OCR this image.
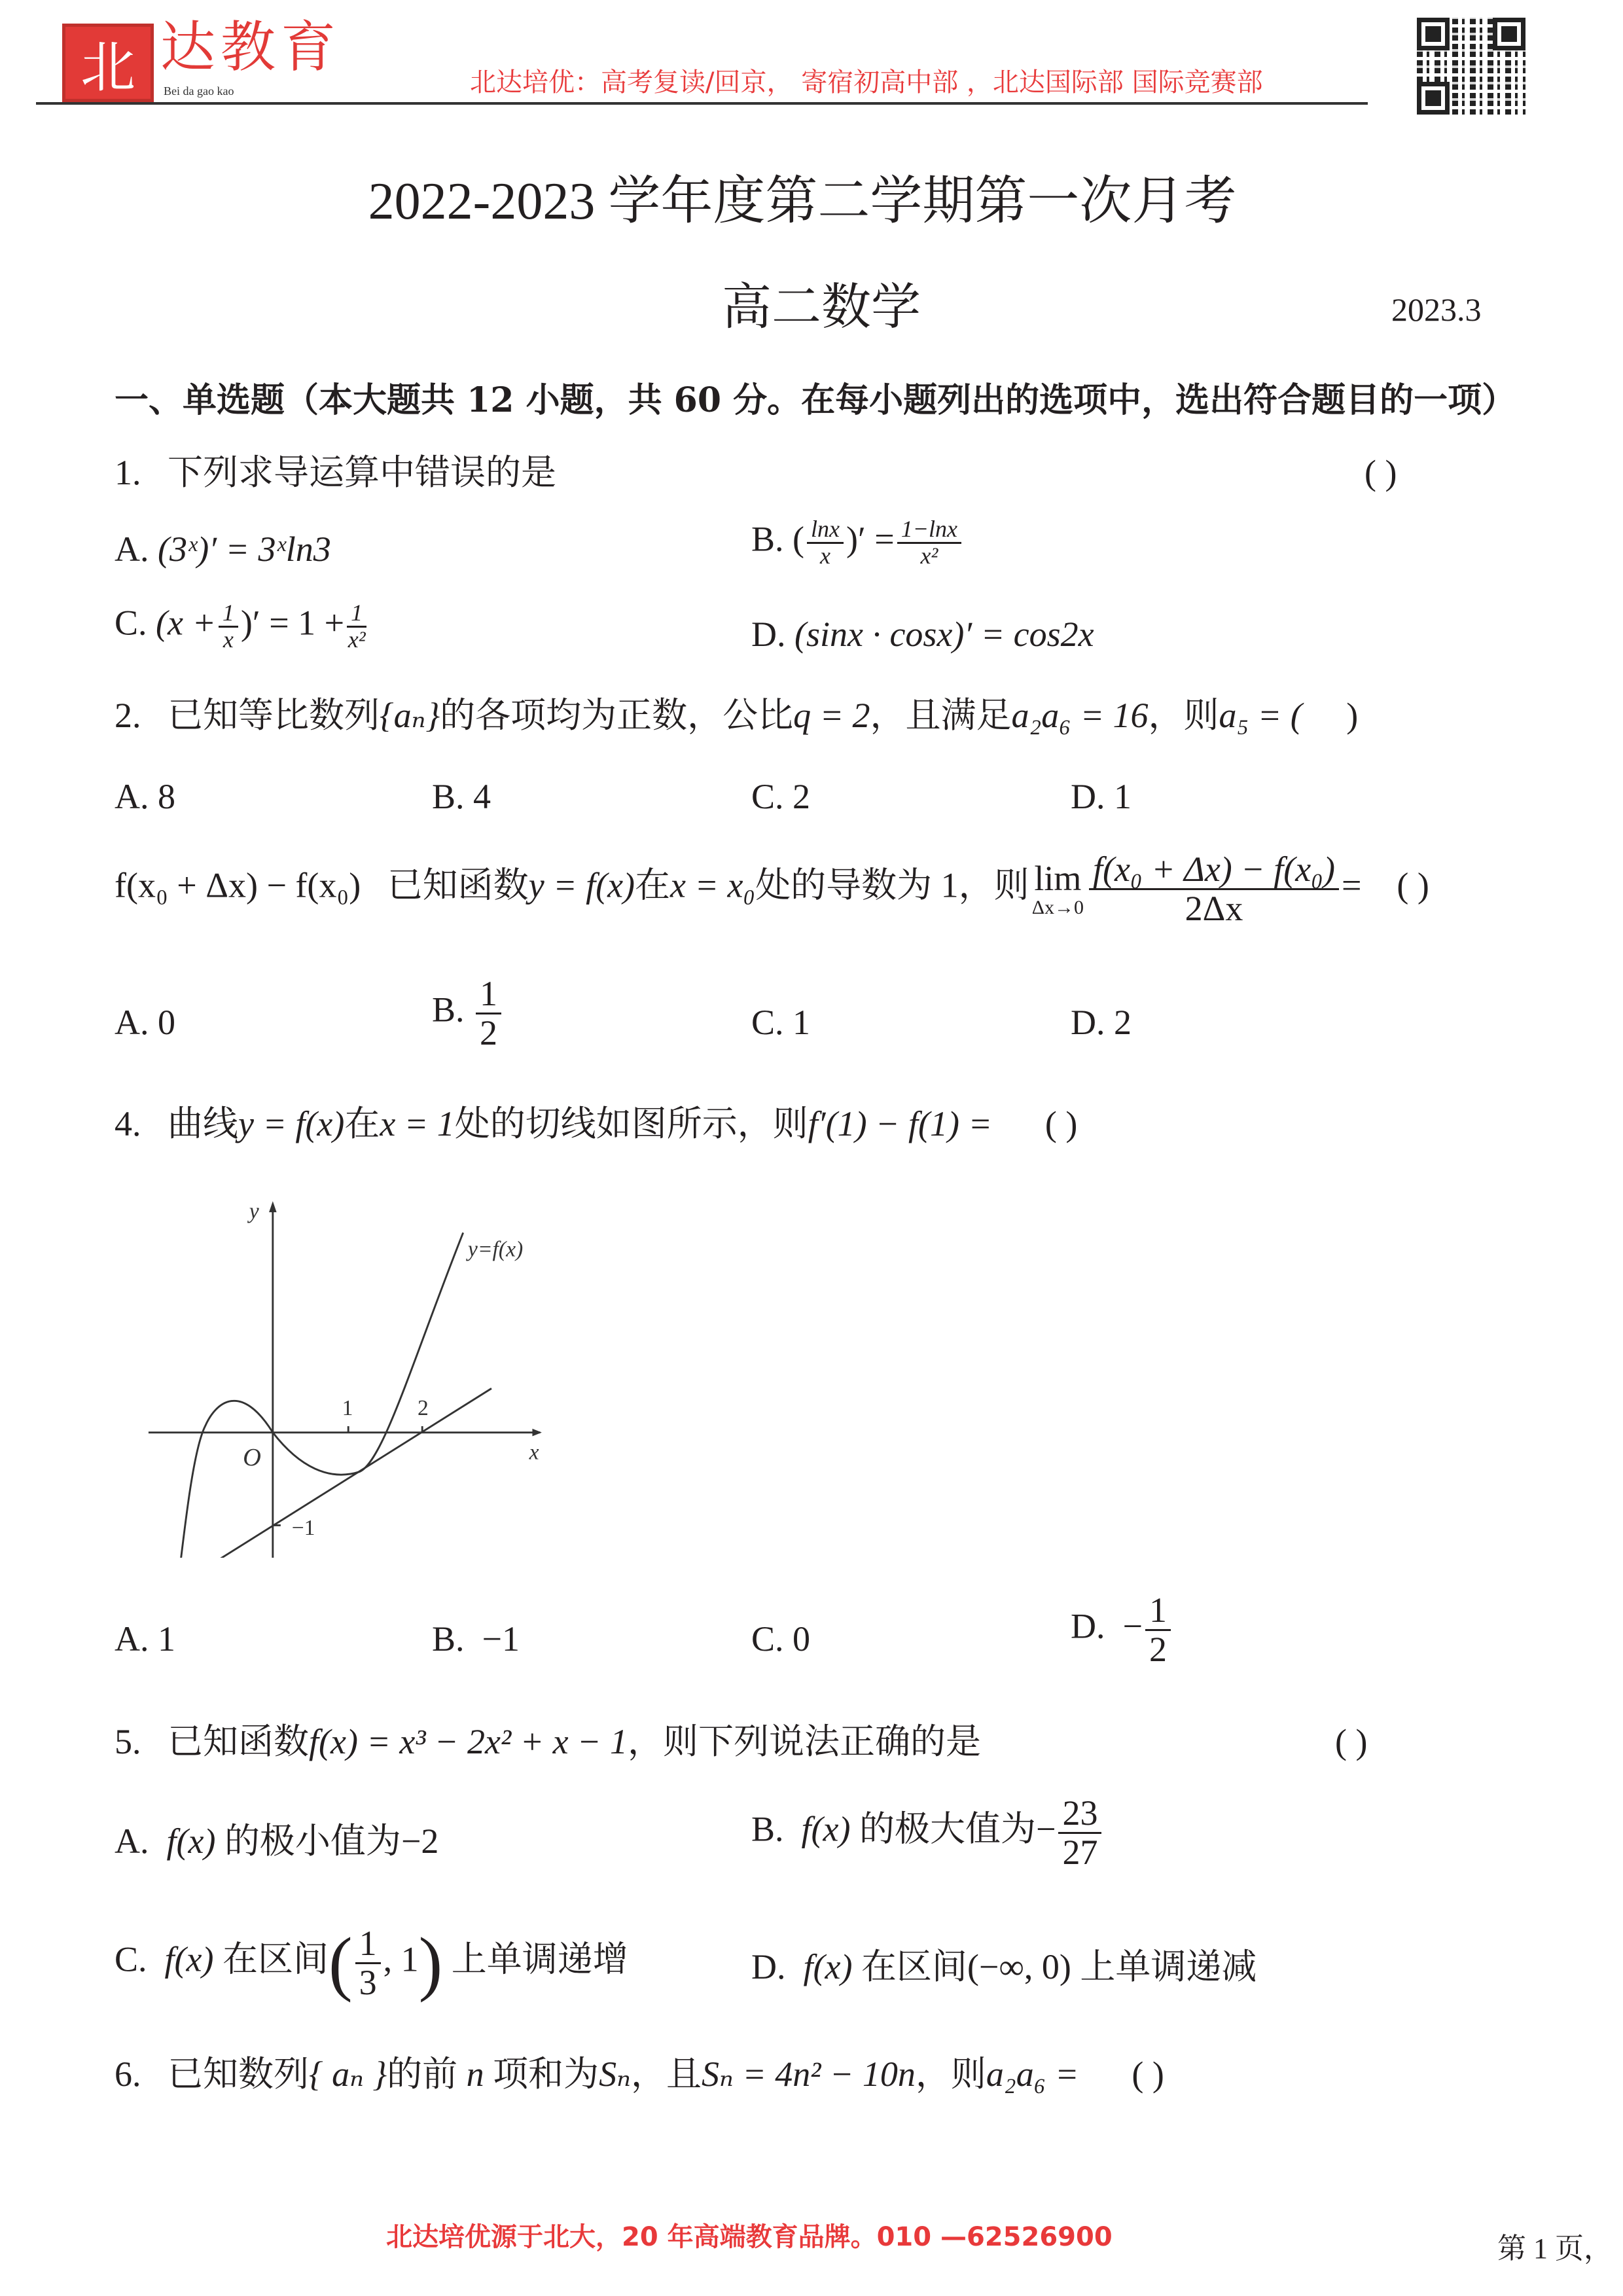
北 达教育
Bei da gao kao	北达培优：高考复读/回京， 寄宿初高中部 ，北达国际部 国际竞赛部
2022-2023 学年度第二学期第一次月考
高二数学	2023.3
一、单选题（本大题共 12 小题，共 60 分。在每小题列出的选项中，选出符合题目的一项）
1. 下列求导运算中错误的是	( )
A. (3ˣ)′ = 3ˣln3	B. ( $\frac{\ln x}{x}$ )′ = $\frac{1-\ln x}{\text{x²}}$
C. ($x + \frac{1}{x}$ )′ = $1 + \frac{1}{\text{x²}}$	D. (sinx · cosx)′ = cos2x
2. 已知等比数列{aₙ}的各项均为正数，公比q = 2，且满足a₂a₆ = 16，则a₅ = ( )
A. 8	B. 4	C. 2	D. 1
f(x₀ + Δx) − f(x₀) 已知函数y = f(x)在x = x₀处的导数为 1，则 lim
$\Delta x\to 0 \frac{\text{f(x₀ + Δx) − f(x₀)}}{2\Delta x}$ = ( )
A. 0	B. $\frac{1}{2}$	C. 1	D. 2
4. 曲线y = f(x)在x = 1处的切线如图所示，则f′(1) − f(1) = ( )
y
x
O
y=f(x)
1 2
−1
A. 1	B. −1	C. 0	D. − $\frac{1}{2}$
5. 已知函数f(x) = x³ − 2x² + x − 1，则下列说法正确的是	( )
A. f(x) 的极小值为−2	B. f(x) 的极大值为− $\frac{23}{27}$
C. f(x) 在区间( $\frac{1}{3}$ , 1) 上单调递增	D. f(x) 在区间(−∞, 0) 上单调递减
6. 已知数列{ aₙ }的前 n 项和为Sₙ，且Sₙ = 4n² − 10n，则a₂a₆ = ( )
北达培优源于北大，20 年高端教育品牌。010 —62526900	第 1 页，
